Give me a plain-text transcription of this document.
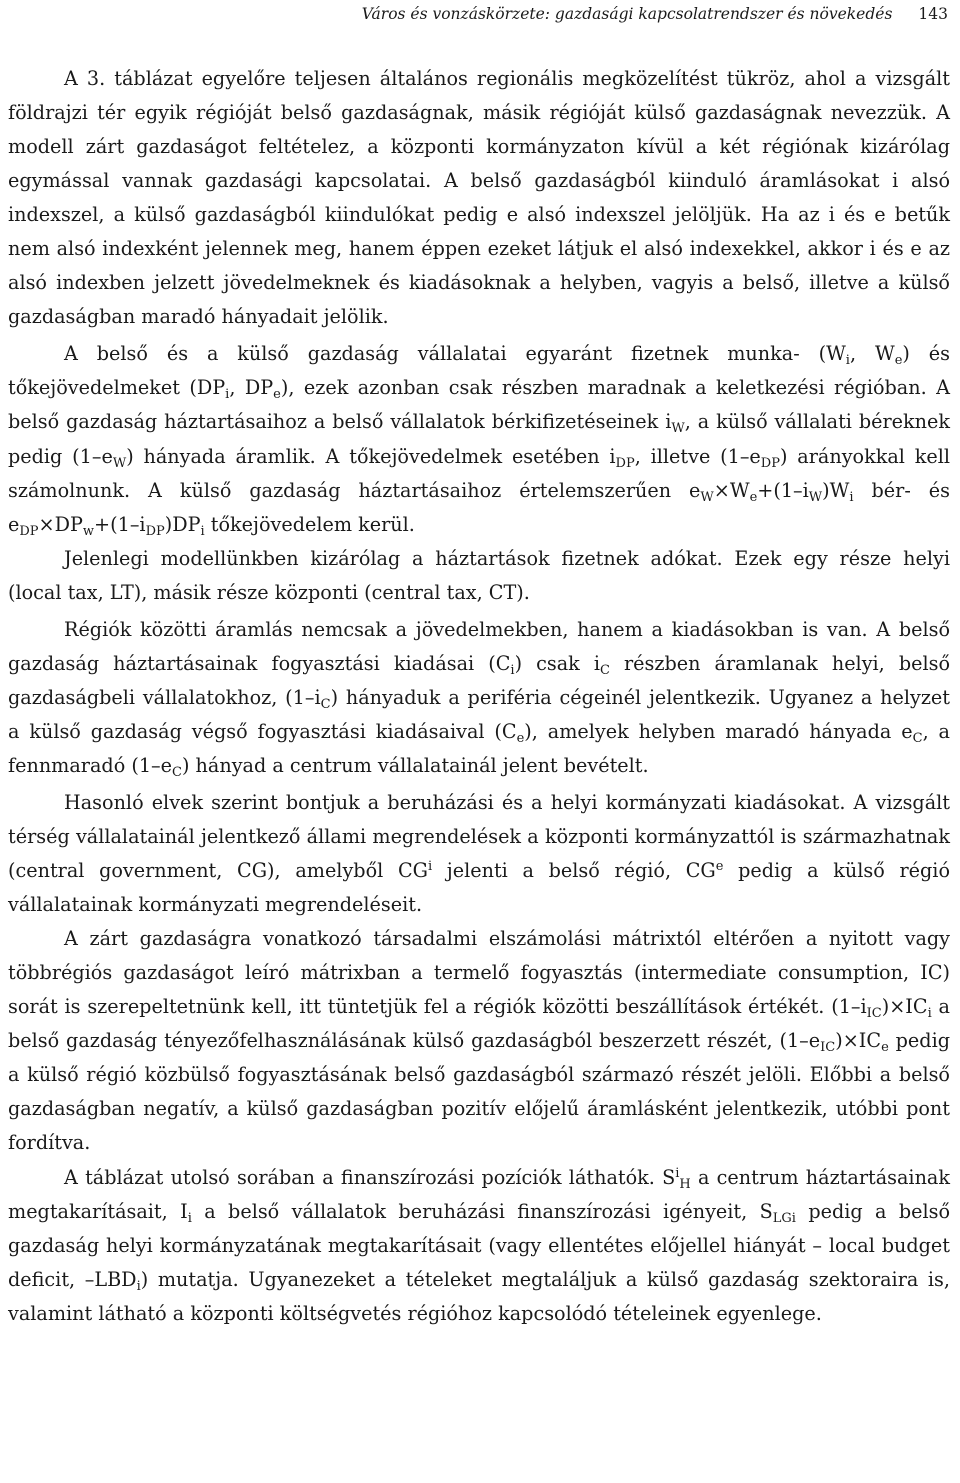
Város és vonzáskörzete: gazdasági kapcsolatrendszer és növekedés 143

A 3. táblázat egyelőre teljesen általános regionális megközelítést tükröz, ahol a vizsgált földrajzi tér egyik régióját belső gazdaságnak, másik régióját külső gazdaságnak nevezzük. A modell zárt gazdaságot feltételez, a központi kormányzaton kívül a két régiónak kizárólag egymással vannak gazdasági kapcsolatai. A belső gazdaságból kiinduló áramlásokat i alsó indexszel, a külső gazdaságból kiindulókat pedig e alsó indexszel jelöljük. Ha az i és e betűk nem alsó indexként jelennek meg, hanem éppen ezeket látjuk el alsó indexekkel, akkor i és e az alsó indexben jelzett jövedelmeknek és kiadásoknak a helyben, vagyis a belső, illetve a külső gazdaságban maradó hányadait jelölik.

A belső és a külső gazdaság vállalatai egyaránt fizetnek munka- ($W_i$, $W_e$) és tőkejövedelmeket ($DP_i$, $DP_e$), ezek azonban csak részben maradnak a keletkezési régióban. A belső gazdaság háztartásaihoz a belső vállalatok bérkifizetéseinek $i_W$, a külső vállalati béreknek pedig $(1-e_W)$ hányada áramlik. A tőkejövedelmek esetében $i_{DP}$, illetve $(1-e_{DP})$ arányokkal kell számolnunk. A külső gazdaság háztartásaihoz értelemszerűen $e_W\times W_e+(1-i_W)W_i$ bér- és $e_{DP}\times DP_w+(1-i_{DP})DP_i$ tőkejövedelem kerül.

Jelenlegi modellünkben kizárólag a háztartások fizetnek adókat. Ezek egy része helyi (local tax, LT), másik része központi (central tax, CT).

Régiók közötti áramlás nemcsak a jövedelmekben, hanem a kiadásokban is van. A belső gazdaság háztartásainak fogyasztási kiadásai $(C_i)$ csak $i_C$ részben áramlanak helyi, belső gazdaságbeli vállalatokhoz, $(1-i_C)$ hányaduk a periféria cégeinél jelentkezik. Ugyanez a helyzet a külső gazdaság végső fogyasztási kiadásaival $(C_e)$, amelyek helyben maradó hányada $e_C$, a fennmaradó $(1-e_C)$ hányad a centrum vállalatainál jelent bevételt.

Hasonló elvek szerint bontjuk a beruházási és a helyi kormányzati kiadásokat. A vizsgált térség vállalatainál jelentkező állami megrendelések a központi kormányzattól is származhatnak (central government, CG), amelyből $CG^i$ jelenti a belső régió, $CG^e$ pedig a külső régió vállalatainak kormányzati megrendeléseit.

A zárt gazdaságra vonatkozó társadalmi elszámolási mátrixtól eltérően a nyitott vagy többrégiós gazdaságot leíró mátrixban a termelő fogyasztás (intermediate consumption, IC) sorát is szerepeltetnünk kell, itt tüntetjük fel a régiók közötti beszállítások értékét. $(1-i_{IC})\times IC_i$ a belső gazdaság tényezőfelhasználásának külső gazdaságból beszerzett részét, $(1-e_{IC})\times IC_e$ pedig a külső régió közbülső fogyasztásának belső gazdaságból származó részét jelöli. Előbbi a belső gazdaságban negatív, a külső gazdaságban pozitív előjelű áramlásként jelentkezik, utóbbi pont fordítva.

A táblázat utolsó sorában a finanszírozási pozíciók láthatók. $S^i_H$ a centrum háztartásainak megtakarításait, $I_i$ a belső vállalatok beruházási finanszírozási igényeit, $S_{LGi}$ pedig a belső gazdaság helyi kormányzatának megtakarításait (vagy ellentétes előjellel hiányát – local budget deficit, $-LBD_i$) mutatja. Ugyanezeket a tételeket megtaláljuk a külső gazdaság szektoraira is, valamint látható a központi költségvetés régióhoz kapcsolódó tételeinek egyenlege.
